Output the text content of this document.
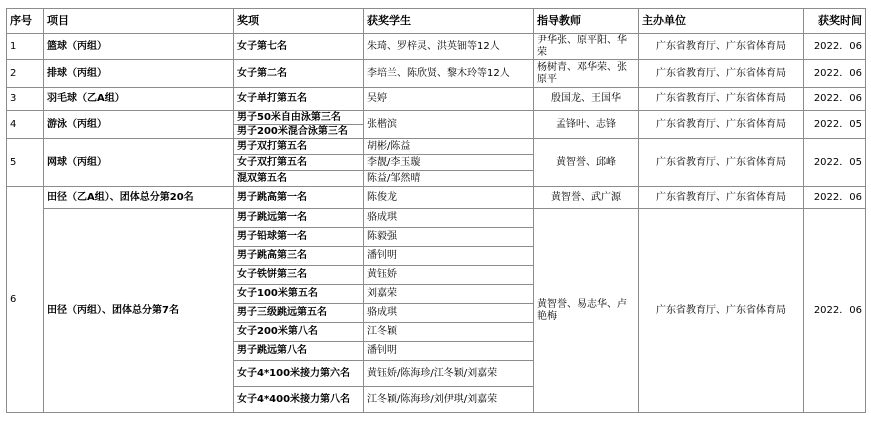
序号	项目	奖项	获奖学生	指导教师	主办单位	获奖时间
1	篮球（丙组）	女子第七名	朱琦、罗梓灵、洪英钿等12人	尹华张、原平阳、华荣	广东省教育厅、广东省体育局	2022．06
2	排球（丙组）	女子第二名	李培兰、陈欣贤、黎木玲等12人	杨树青、邓华荣、张原平	广东省教育厅、广东省体育局	2022．06
3	羽毛球（乙A组）	女子单打第五名	吴婷	殷国龙、王国华	广东省教育厅、广东省体育局	2022．06
4	游泳（丙组）	男子50米自由泳第三名	张楷滨	孟锋叶、志锋	广东省教育厅、广东省体育局	2022．05
		男子200米混合泳第三名				
5	网球（丙组）	男子双打第五名	胡彬/陈益	黄智誉、邱峰	广东省教育厅、广东省体育局	2022．05
		女子双打第五名	李靓/李玉璇			
		混双第五名	陈益/邹然晴			
6	田径（乙A组）、团体总分第20名	男子跳高第一名	陈俊龙	黄智誉、武广源	广东省教育厅、广东省体育局	2022．06
	田径（丙组）、团体总分第7名	男子跳远第一名	骆成琪	黄智誉、易志华、卢艳梅	广东省教育厅、广东省体育局	2022．06
		男子铅球第一名	陈毅强			
		男子跳高第三名	潘钊明			
		女子铁饼第三名	黄钰娇			
		女子100米第五名	刘嘉荣			
		男子三级跳远第五名	骆成琪			
		女子200米第八名	江冬颖			
		男子跳远第八名	潘钊明			
		女子4*100米接力第六名	黄钰娇/陈海珍/江冬颖/刘嘉荣			
		女子4*400米接力第八名	江冬颖/陈海珍/刘伊琪/刘嘉荣			
